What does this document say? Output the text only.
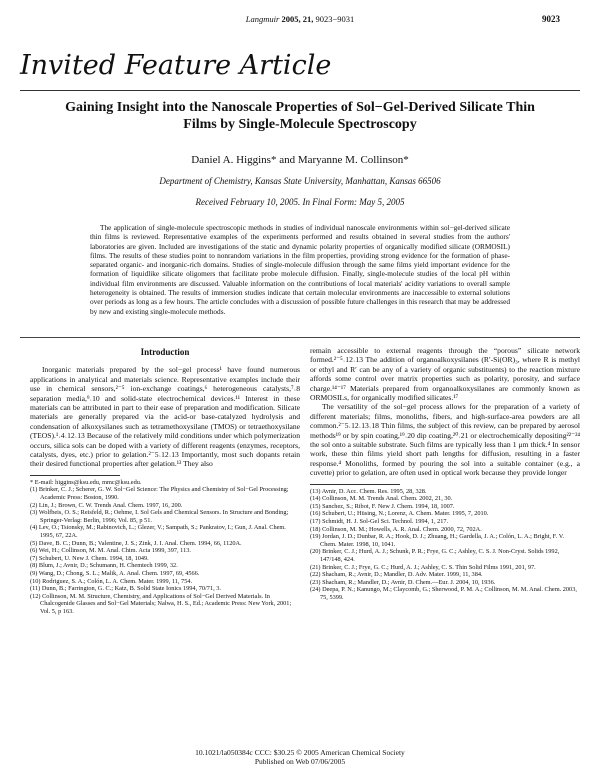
Langmuir 2005, 21, 9023−9031	9023
Invited Feature Article
Gaining Insight into the Nanoscale Properties of Sol−Gel-Derived Silicate Thin Films by Single-Molecule Spectroscopy
Daniel A. Higgins* and Maryanne M. Collinson*
Department of Chemistry, Kansas State University, Manhattan, Kansas 66506
Received February 10, 2005. In Final Form: May 5, 2005
The application of single-molecule spectroscopic methods in studies of individual nanoscale environments within sol−gel-derived silicate thin films is reviewed. Representative examples of the experiments performed and results obtained in several studies from the authors' laboratories are given. Included are investigations of the static and dynamic polarity properties of organically modified silicate (ORMOSIL) films. The results of these studies point to nonrandom variations in the film properties, providing strong evidence for the formation of phase-separated organic- and inorganic-rich domains. Studies of single-molecule diffusion through the same films yield important evidence for the formation of liquidlike silicate oligomers that facilitate probe molecule diffusion. Finally, single-molecule studies of the local pH within individual film environments are discussed. Valuable information on the contributions of local materials' acidity variations to overall sample heterogeneity is obtained. The results of immersion studies indicate that certain molecular environments are inaccessible to external solutions over periods as long as a few hours. The article concludes with a discussion of possible future challenges in this research that may be addressed by new and existing single-molecule methods.
Introduction

Inorganic materials prepared by the sol−gel process¹ have found numerous applications in analytical and materials science. Representative examples include their use in chemical sensors,²⁻⁵ ion-exchange coatings,⁶ heterogeneous catalysts,⁷˒8 separation media,⁹˒10 and solid-state electrochemical devices.¹¹ Interest in these materials can be attributed in part to their ease of preparation and modification. Silicate materials are generally prepared via the acid-or base-catalyzed hydrolysis and condensation of alkoxysilanes such as tetramethoxysilane (TMOS) or tetraethoxysilane (TEOS).¹˒4˒12˒13 Because of the relatively mild conditions under which polymerization occurs, silica sols can be doped with a variety of different reagents (enzymes, receptors, catalysts, dyes, etc.) prior to gelation.²⁻5˒12˒13 Importantly, most such dopants retain their desired functional properties after gelation.¹³ They also

* E-mail: higgins@ksu.edu, mmc@ksu.edu.
(1) Brinker, C. J.; Scherer, G. W. Sol−Gel Science: The Physics and Chemistry of Sol−Gel Processing; Academic Press: Boston, 1990.
(2) Lin, J.; Brown, C. W. Trends Anal. Chem. 1997, 16, 200.
(3) Wolfbeis, O. S.; Reisfeld, R.; Oehme, I. Sol Gels and Chemical Sensors. In Structure and Bonding; Springer-Verlag: Berlin, 1996; Vol. 85, p 51.
(4) Lev, O.; Tsionsky, M.; Rabinovich, L.; Glezer, V.; Sampath, S.; Pankratov, I.; Gun, J. Anal. Chem. 1995, 67, 22A.
(5) Dave, B. C.; Dunn, B.; Valentine, J. S.; Zink, J. I. Anal. Chem. 1994, 66, 1120A.
(6) Wei, H.; Collinson, M. M. Anal. Chim. Acta 1999, 397, 113.
(7) Schubert, U. New J. Chem. 1994, 18, 1049.
(8) Blum, J.; Avnir, D.; Schumann, H. Chemtech 1999, 32.
(9) Wang, D.; Chong, S. L.; Malik, A. Anal. Chem. 1997, 69, 4566.
(10) Rodriguez, S. A.; Colón, L. A. Chem. Mater. 1999, 11, 754.
(11) Dunn, B.; Farrington, G. C.; Katz, B. Solid State Ionics 1994, 70/71, 3.
(12) Collinson, M. M. Structure, Chemistry, and Applications of Sol−Gel Derived Materials. In Chalcogenide Glasses and Sol−Gel Materials; Nalwa, H. S., Ed.; Academic Press: New York, 2001; Vol. 5, p 163.

remain accessible to external reagents through the “porous” silicate network formed.²⁻⁵˒12˒13 The addition of organoalkoxysilanes (R′-Si(OR)₃, where R is methyl or ethyl and R′ can be any of a variety of organic substituents) to the reaction mixture affords some control over matrix properties such as polarity, porosity, and surface charge.¹⁴⁻¹⁷ Materials prepared from organoalkoxysilanes are commonly known as ORMOSILs, for organically modified silicates.¹⁷

The versatility of the sol−gel process allows for the preparation of a variety of different materials; films, monoliths, fibers, and high-surface-area powders are all common.²⁻5˒12˒13˒18 Thin films, the subject of this review, can be prepared by aerosol methods¹⁹ or by spin coating,¹⁹˒20 dip coating,²⁰˒21 or electrochemically depositing²²⁻²⁴ the sol onto a suitable substrate. Such films are typically less than 1 μm thick.⁴ In sensor work, these thin films yield short path lengths for diffusion, resulting in a faster response.⁴ Monoliths, formed by pouring the sol into a suitable container (e.g., a cuvette) prior to gelation, are often used in optical work because they provide longer

(13) Avnir, D. Acc. Chem. Res. 1995, 28, 328.
(14) Collinson, M. M. Trends Anal. Chem. 2002, 21, 30.
(15) Sanchez, S.; Ribot, F. New J. Chem. 1994, 18, 1007.
(16) Schubert, U.; Hüsing, N.; Lorenz, A. Chem. Mater. 1995, 7, 2010.
(17) Schmidt, H. J. Sol-Gel Sci. Technol. 1994, 1, 217.
(18) Collinson, M. M.; Howells, A. R. Anal. Chem. 2000, 72, 702A.
(19) Jordan, J. D.; Dunbar, R. A.; Hook, D. J.; Zhuang, H.; Gardella, J. A.; Colón, L. A.; Bright, F. V. Chem. Mater. 1998, 10, 1041.
(20) Brinker, C. J.; Hurd, A. J.; Schunk, P. R.; Frye, G. C.; Ashley, C. S. J. Non-Cryst. Solids 1992, 147/148, 424.
(21) Brinker, C. J.; Frye, G. C.; Hurd, A. J.; Ashley, C. S. Thin Solid Films 1991, 201, 97.
(22) Shacham, R.; Avnir, D.; Mandler, D. Adv. Mater. 1999, 11, 384.
(23) Shacham, R.; Mandler, D.; Avnir, D. Chem.—Eur. J. 2004, 10, 1936.
(24) Deepa, P. N.; Kanungo, M.; Claycomb, G.; Sherwood, P. M. A.; Collinson, M. M. Anal. Chem. 2003, 75, 5399.
10.1021/la050384c CCC: $30.25 © 2005 American Chemical Society
Published on Web 07/06/2005
